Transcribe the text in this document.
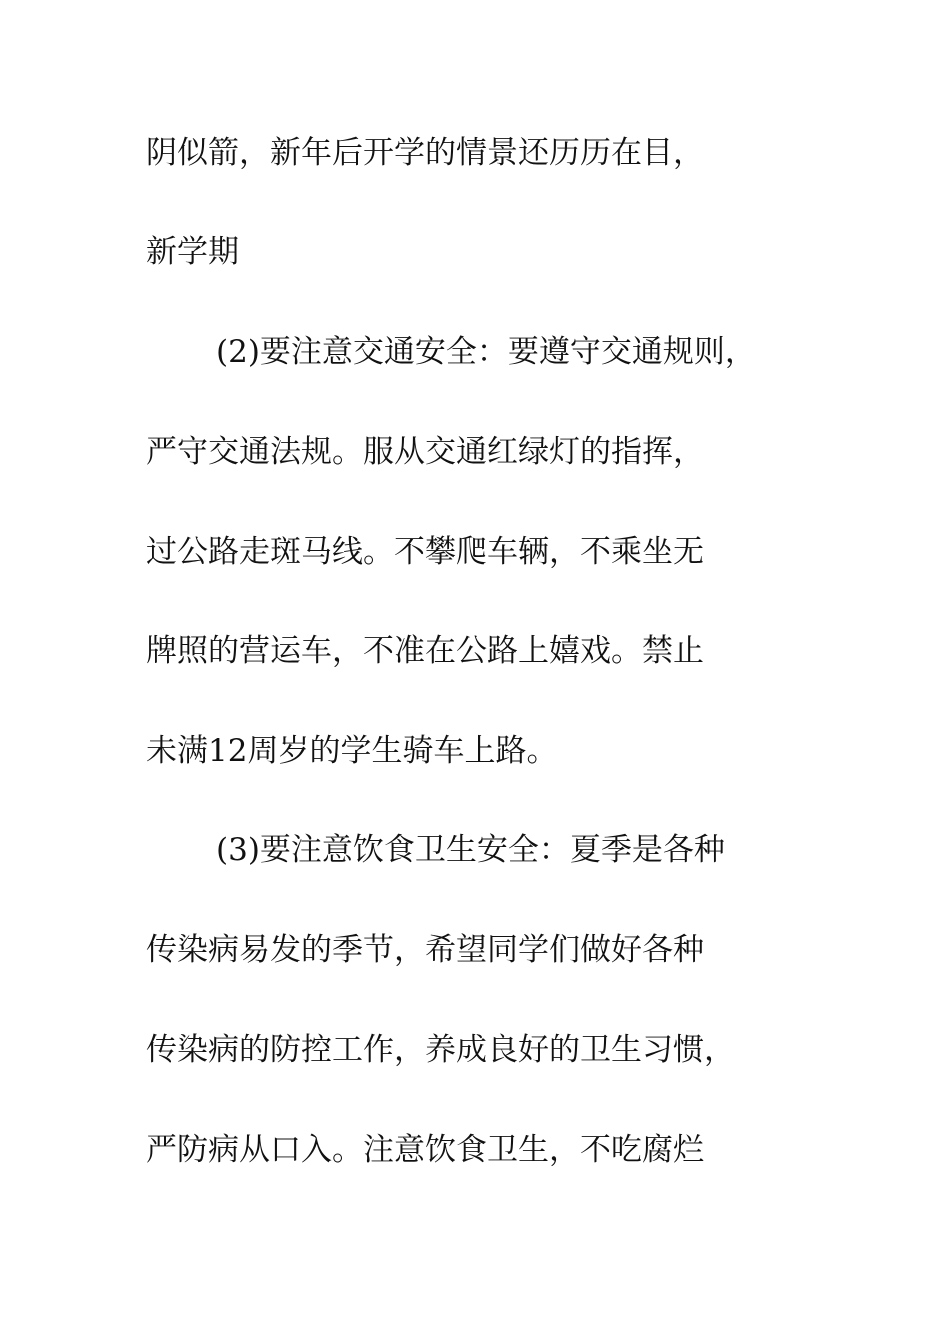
阴似箭，新年后开学的情景还历历在目，
新学期
(2)要注意交通安全：要遵守交通规则，
严守交通法规。服从交通红绿灯的指挥，
过公路走斑马线。不攀爬车辆，不乘坐无
牌照的营运车，不准在公路上嬉戏。禁止
未满12周岁的学生骑车上路。
(3)要注意饮食卫生安全：夏季是各种
传染病易发的季节，希望同学们做好各种
传染病的防控工作，养成良好的卫生习惯，
严防病从口入。注意饮食卫生，不吃腐烂
